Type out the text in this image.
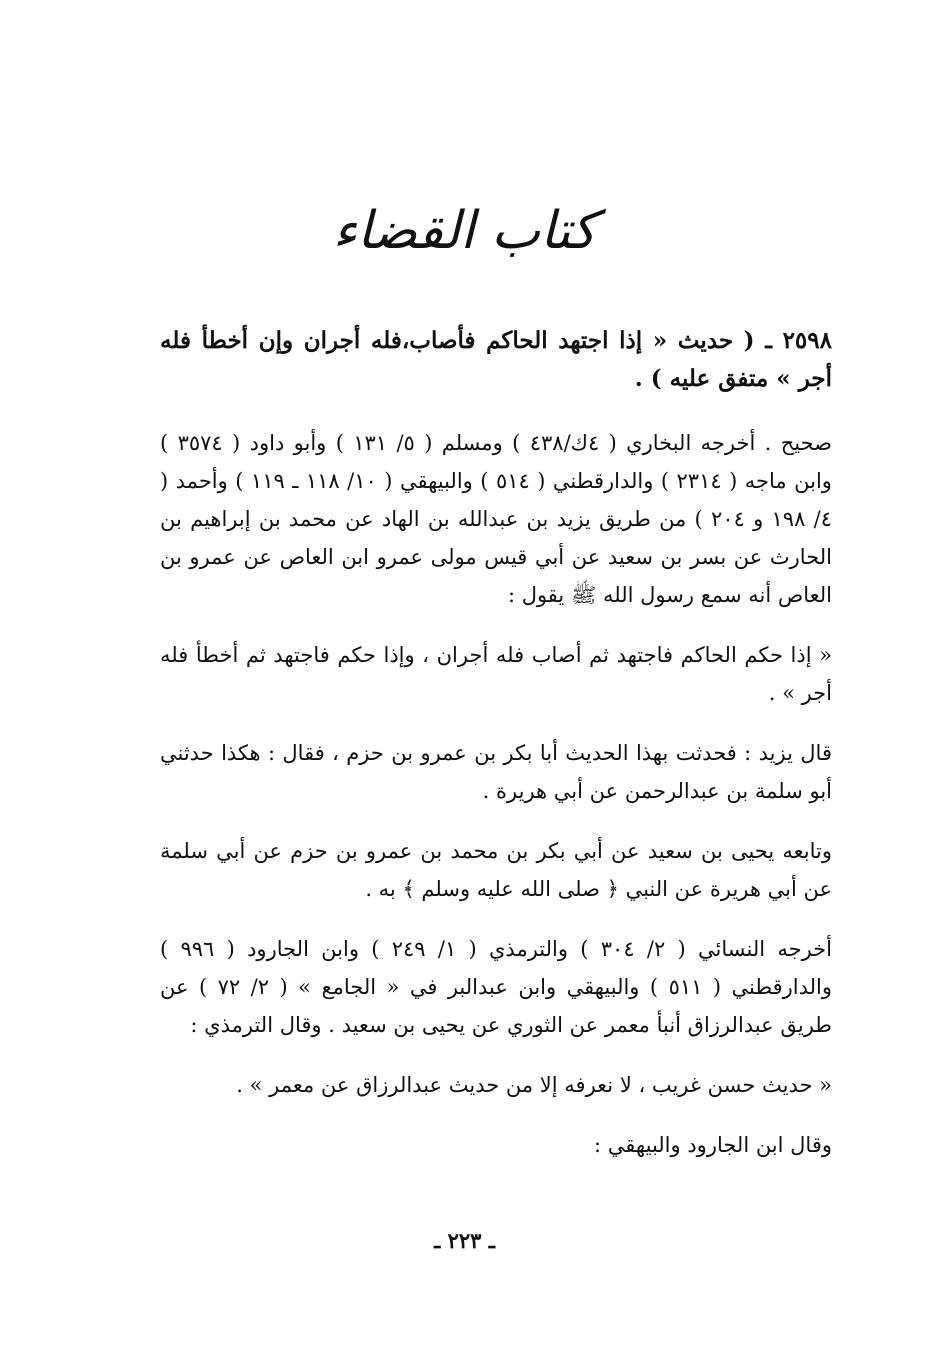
كتاب القضاء

٢٥٩٨ ـ ( حديث « إذا اجتهد الحاكم فأصاب،فله أجران وإن أخطأ فله أجر » متفق عليه ) .

صحيح . أخرجه البخاري ( ٤ك/٤٣٨ ) ومسلم ( ٥/ ١٣١ ) وأبو داود ( ٣٥٧٤ ) وابن ماجه ( ٢٣١٤ ) والدارقطني ( ٥١٤ ) والبيهقي ( ١٠/ ١١٨ ـ ١١٩ ) وأحمد ( ٤/ ١٩٨ و ٢٠٤ ) من طريق يزيد بن عبدالله بن الهاد عن محمد بن إبراهيم بن الحارث عن بسر بن سعيد عن أبي قيس مولى عمرو ابن العاص عن عمرو بن العاص أنه سمع رسول الله ﷺ يقول :

« إذا حكم الحاكم فاجتهد ثم أصاب فله أجران ، وإذا حكم فاجتهد ثم أخطأ فله أجر » .

قال يزيد : فحدثت بهذا الحديث أبا بكر بن عمرو بن حزم ، فقال : هكذا حدثني أبو سلمة بن عبدالرحمن عن أبي هريرة .

وتابعه يحيى بن سعيد عن أبي بكر بن محمد بن عمرو بن حزم عن أبي سلمة عن أبي هريرة عن النبي ﴿ صلى الله عليه وسلم ﴾ به .

أخرجه النسائي ( ٢/ ٣٠٤ ) والترمذي ( ١/ ٢٤٩ ) وابن الجارود ( ٩٩٦ ) والدارقطني ( ٥١١ ) والبيهقي وابن عبدالبر في « الجامع » ( ٢/ ٧٢ ) عن طريق عبدالرزاق أنبأ معمر عن الثوري عن يحيى بن سعيد . وقال الترمذي :

« حديث حسن غريب ، لا نعرفه إلا من حديث عبدالرزاق عن معمر » .

وقال ابن الجارود والبيهقي :

ـ ٢٢٣ ـ
